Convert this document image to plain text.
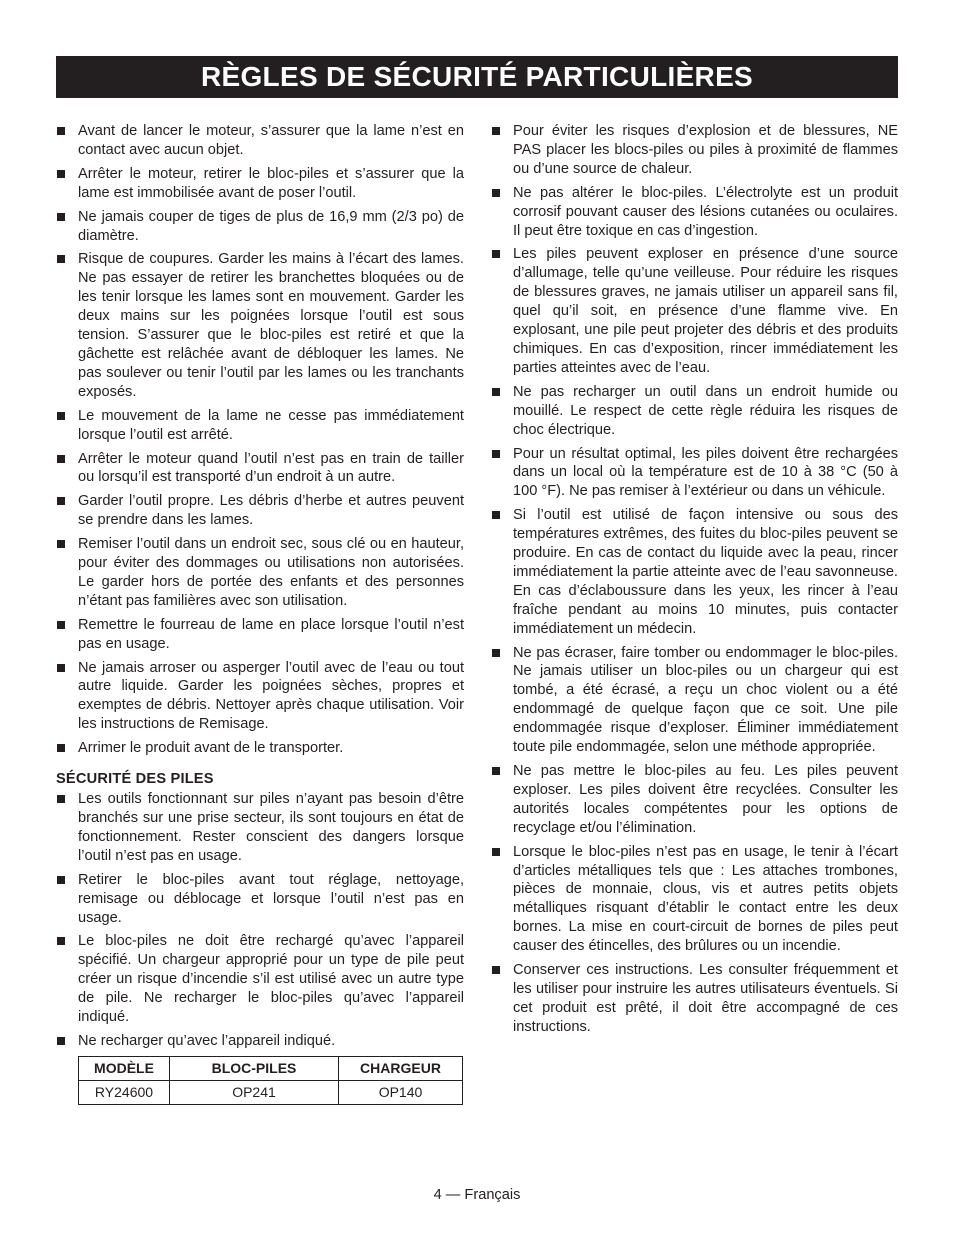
RÈGLES DE SÉCURITÉ PARTICULIÈRES
Avant de lancer le moteur, s’assurer que la lame n’est en contact avec aucun objet.
Arrêter le moteur, retirer le bloc-piles et s’assurer que la lame est immobilisée avant de poser l’outil.
Ne jamais couper de tiges de plus de 16,9 mm (2/3 po) de diamètre.
Risque de coupures. Garder les mains à l’écart des lames. Ne pas essayer de retirer les branchettes bloquées ou de les tenir lorsque les lames sont en mouvement. Garder les deux mains sur les poignées lorsque l’outil est sous tension. S’assurer que le bloc-piles est retiré et que la gâchette est relâchée avant de débloquer les lames. Ne pas soulever ou tenir l’outil par les lames ou les tranchants exposés.
Le mouvement de la lame ne cesse pas immédiatement lorsque l’outil est arrêté.
Arrêter le moteur quand l’outil n’est pas en train de tailler ou lorsqu’il est transporté d’un endroit à un autre.
Garder l’outil propre. Les débris d’herbe et autres peuvent se prendre dans les lames.
Remiser l’outil dans un endroit sec, sous clé ou en hauteur, pour éviter des dommages ou utilisations non autorisées. Le garder hors de portée des enfants et des personnes n’étant pas familières avec son utilisation.
Remettre le fourreau de lame en place lorsque l’outil n’est pas en usage.
Ne jamais arroser ou asperger l’outil avec de l’eau ou tout autre liquide. Garder les poignées sèches, propres et exemptes de débris. Nettoyer après chaque utilisation. Voir les instructions de Remisage.
Arrimer le produit avant de le transporter.
SÉCURITÉ DES PILES
Les outils fonctionnant sur piles n’ayant pas besoin d’être branchés sur une prise secteur, ils sont toujours en état de fonctionnement. Rester conscient des dangers lorsque l’outil n’est pas en usage.
Retirer le bloc-piles avant tout réglage, nettoyage, remisage ou déblocage et lorsque l’outil n’est pas en usage.
Le bloc-piles ne doit être rechargé qu’avec l’appareil spécifié. Un chargeur approprié pour un type de pile peut créer un risque d’incendie s’il est utilisé avec un autre type de pile. Ne recharger le bloc-piles qu’avec l’appareil indiqué.
Ne recharger qu’avec l’appareil indiqué.
MODÈLE	BLOC-PILES	CHARGEUR
RY24600	OP241	OP140
Pour éviter les risques d’explosion et de blessures, NE PAS placer les blocs-piles ou piles à proximité de flammes ou d’une source de chaleur.
Ne pas altérer le bloc-piles. L’électrolyte est un produit corrosif pouvant causer des lésions cutanées ou oculaires. Il peut être toxique en cas d’ingestion.
Les piles peuvent exploser en présence d’une source d’allumage, telle qu’une veilleuse. Pour réduire les risques de blessures graves, ne jamais utiliser un appareil sans fil, quel qu’il soit, en présence d’une flamme vive. En explosant, une pile peut projeter des débris et des produits chimiques. En cas d’exposition, rincer immédiatement les parties atteintes avec de l’eau.
Ne pas recharger un outil dans un endroit humide ou mouillé. Le respect de cette règle réduira les risques de choc électrique.
Pour un résultat optimal, les piles doivent être rechargées dans un local où la température est de 10 à 38 °C (50 à 100 °F). Ne pas remiser à l’extérieur ou dans un véhicule.
Si l’outil est utilisé de façon intensive ou sous des températures extrêmes, des fuites du bloc-piles peuvent se produire. En cas de contact du liquide avec la peau, rincer immédiatement la partie atteinte avec de l’eau savonneuse. En cas d’éclaboussure dans les yeux, les rincer à l’eau fraîche pendant au moins 10 minutes, puis contacter immédiatement un médecin.
Ne pas écraser, faire tomber ou endommager le bloc-piles. Ne jamais utiliser un bloc-piles ou un chargeur qui est tombé, a été écrasé, a reçu un choc violent ou a été endommagé de quelque façon que ce soit. Une pile endommagée risque d’exploser. Éliminer immédiatement toute pile endommagée, selon une méthode appropriée.
Ne pas mettre le bloc-piles au feu. Les piles peuvent exploser. Les piles doivent être recyclées. Consulter les autorités locales compétentes pour les options de recyclage et/ou l’élimination.
Lorsque le bloc-piles n’est pas en usage, le tenir à l’écart d’articles métalliques tels que : Les attaches trombones, pièces de monnaie, clous, vis et autres petits objets métalliques risquant d’établir le contact entre les deux bornes. La mise en court-circuit de bornes de piles peut causer des étincelles, des brûlures ou un incendie.
Conserver ces instructions. Les consulter fréquemment et les utiliser pour instruire les autres utilisateurs éventuels. Si cet produit est prêté, il doit être accompagné de ces instructions.
4 — Français
